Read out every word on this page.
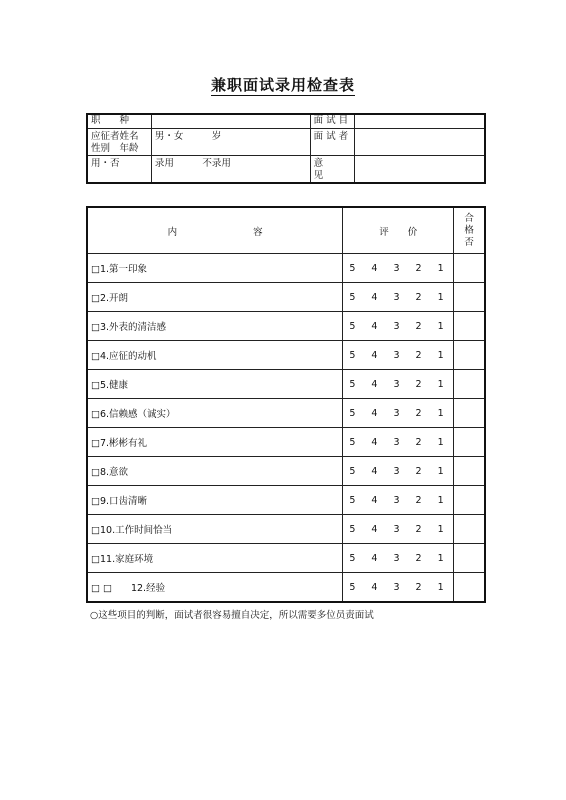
兼职面试录用检查表
职　　种		面 试 目	

应征者姓名
性别　年龄	男・女　　　岁	面 试 者	
用・否	录用　　　不录用	意
见	

内　　　　　　　　容	评　　价	合
格
否

□1.第一印象	5 4 3 2 1	
□2.开朗	5 4 3 2 1	
□3.外表的清洁感	5 4 3 2 1	
□4.应征的动机	5 4 3 2 1	
□5.健康	5 4 3 2 1	
□6.信赖感（诚实）	5 4 3 2 1	
□7.彬彬有礼	5 4 3 2 1	
□8.意欲	5 4 3 2 1	
□9.口齿清晰	5 4 3 2 1	
□10.工作时间恰当	5 4 3 2 1	
□11.家庭环境	5 4 3 2 1	
□ □　　12.经验	5 4 3 2 1	
○这些项目的判断，面试者很容易擅自决定，所以需要多位员责面试
